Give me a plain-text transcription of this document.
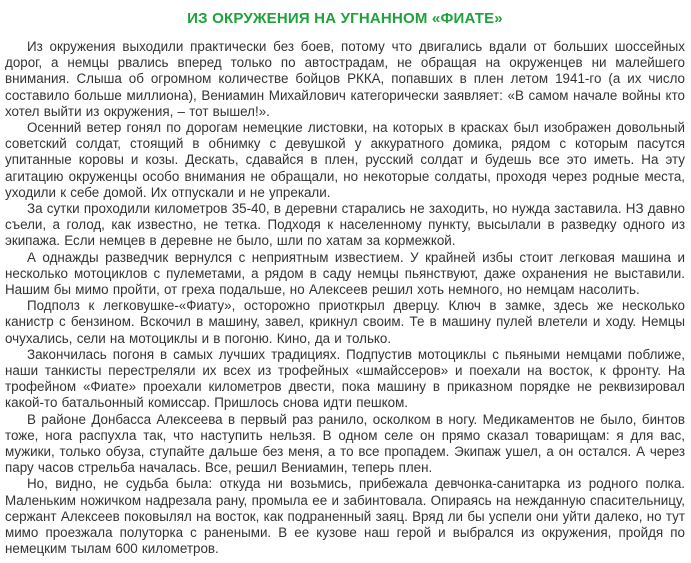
ИЗ ОКРУЖЕНИЯ НА УГНАННОМ «ФИАТЕ»

Из окружения выходили практически без боев, потому что двигались вдали от больших шоссейных дорог, а немцы рвались вперед только по автострадам, не обращая на окруженцев ни малейшего внимания. Слыша об огромном количестве бойцов РККА, попавших в плен летом 1941-го (а их число составило больше миллиона), Вениамин Михайлович категорически заявляет: «В самом начале войны кто хотел выйти из окружения, – тот вышел!».

Осенний ветер гонял по дорогам немецкие листовки, на которых в красках был изображен довольный советский солдат, стоящий в обнимку с девушкой у аккуратного домика, рядом с которым пасутся упитанные коровы и козы. Дескать, сдавайся в плен, русский солдат и будешь все это иметь. На эту агитацию окруженцы особо внимания не обращали, но некоторые солдаты, проходя через родные места, уходили к себе домой. Их отпускали и не упрекали.

За сутки проходили километров 35-40, в деревни старались не заходить, но нужда заставила. НЗ давно съели, а голод, как известно, не тетка. Подходя к населенному пункту, высылали в разведку одного из экипажа. Если немцев в деревне не было, шли по хатам за кормежкой.

А однажды разведчик вернулся с неприятным известием. У крайней избы стоит легковая машина и несколько мотоциклов с пулеметами, а рядом в саду немцы пьянствуют, даже охранения не выставили. Нашим бы мимо пройти, от греха подальше, но Алексеев решил хоть немного, но немцам насолить.

Подполз к легковушке-«Фиату», осторожно приоткрыл дверцу. Ключ в замке, здесь же несколько канистр с бензином. Вскочил в машину, завел, крикнул своим. Те в машину пулей влетели и ходу. Немцы очухались, сели на мотоциклы и в погоню. Кино, да и только.

Закончилась погоня в самых лучших традициях. Подпустив мотоциклы с пьяными немцами поближе, наши танкисты перестреляли их всех из трофейных «шмайссеров» и поехали на восток, к фронту. На трофейном «Фиате» проехали километров двести, пока машину в приказном порядке не реквизировал какой-то батальонный комиссар. Пришлось снова идти пешком.

В районе Донбасса Алексеева в первый раз ранило, осколком в ногу. Медикаментов не было, бинтов тоже, нога распухла так, что наступить нельзя. В одном селе он прямо сказал товарищам: я для вас, мужики, только обуза, ступайте дальше без меня, а то все пропадем. Экипаж ушел, а он остался. А через пару часов стрельба началась. Все, решил Вениамин, теперь плен.

Но, видно, не судьба была: откуда ни возьмись, прибежала девчонка-санитарка из родного полка. Маленьким ножичком надрезала рану, промыла ее и забинтовала. Опираясь на нежданную спасительницу, сержант Алексеев поковылял на восток, как подраненный заяц. Вряд ли бы успели они уйти далеко, но тут мимо проезжала полуторка с ранеными. В ее кузове наш герой и выбрался из окружения, пройдя по немецким тылам 600 километров.
